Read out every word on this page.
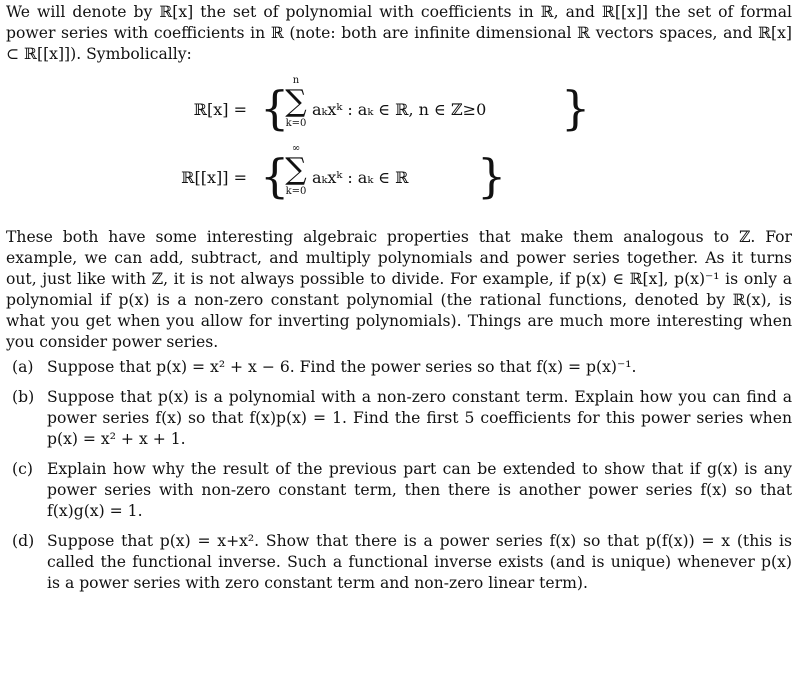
We will denote by ℝ[x] the set of polynomial with coefficients in ℝ, and ℝ[[x]] the set of formal power series with coefficients in ℝ (note: both are infinite dimensional ℝ vectors spaces, and ℝ[x] ⊂ ℝ[[x]]). Symbolically:

ℝ[x] = {
n
∑
k=0
aₖxᵏ : aₖ ∈ ℝ, n ∈ ℤ≥0 }
ℝ[[x]] = {
∞
∑
k=0
aₖxᵏ : aₖ ∈ ℝ }

These both have some interesting algebraic properties that make them analogous to ℤ. For example, we can add, subtract, and multiply polynomials and power series together. As it turns out, just like with ℤ, it is not always possible to divide. For example, if p(x) ∈ ℝ[x], p(x)⁻¹ is only a polynomial if p(x) is a non-zero constant polynomial (the rational functions, denoted by ℝ(x), is what you get when you allow for inverting polynomials). Things are much more interesting when you consider power series.

(a) Suppose that p(x) = x² + x − 6. Find the power series so that f(x) = p(x)⁻¹.
(b) Suppose that p(x) is a polynomial with a non-zero constant term. Explain how you can find a power series f(x) so that f(x)p(x) = 1. Find the first 5 coefficients for this power series when p(x) = x² + x + 1.
(c) Explain how why the result of the previous part can be extended to show that if g(x) is any power series with non-zero constant term, then there is another power series f(x) so that f(x)g(x) = 1.
(d) Suppose that p(x) = x+x². Show that there is a power series f(x) so that p(f(x)) = x (this is called the functional inverse. Such a functional inverse exists (and is unique) whenever p(x) is a power series with zero constant term and non-zero linear term).
